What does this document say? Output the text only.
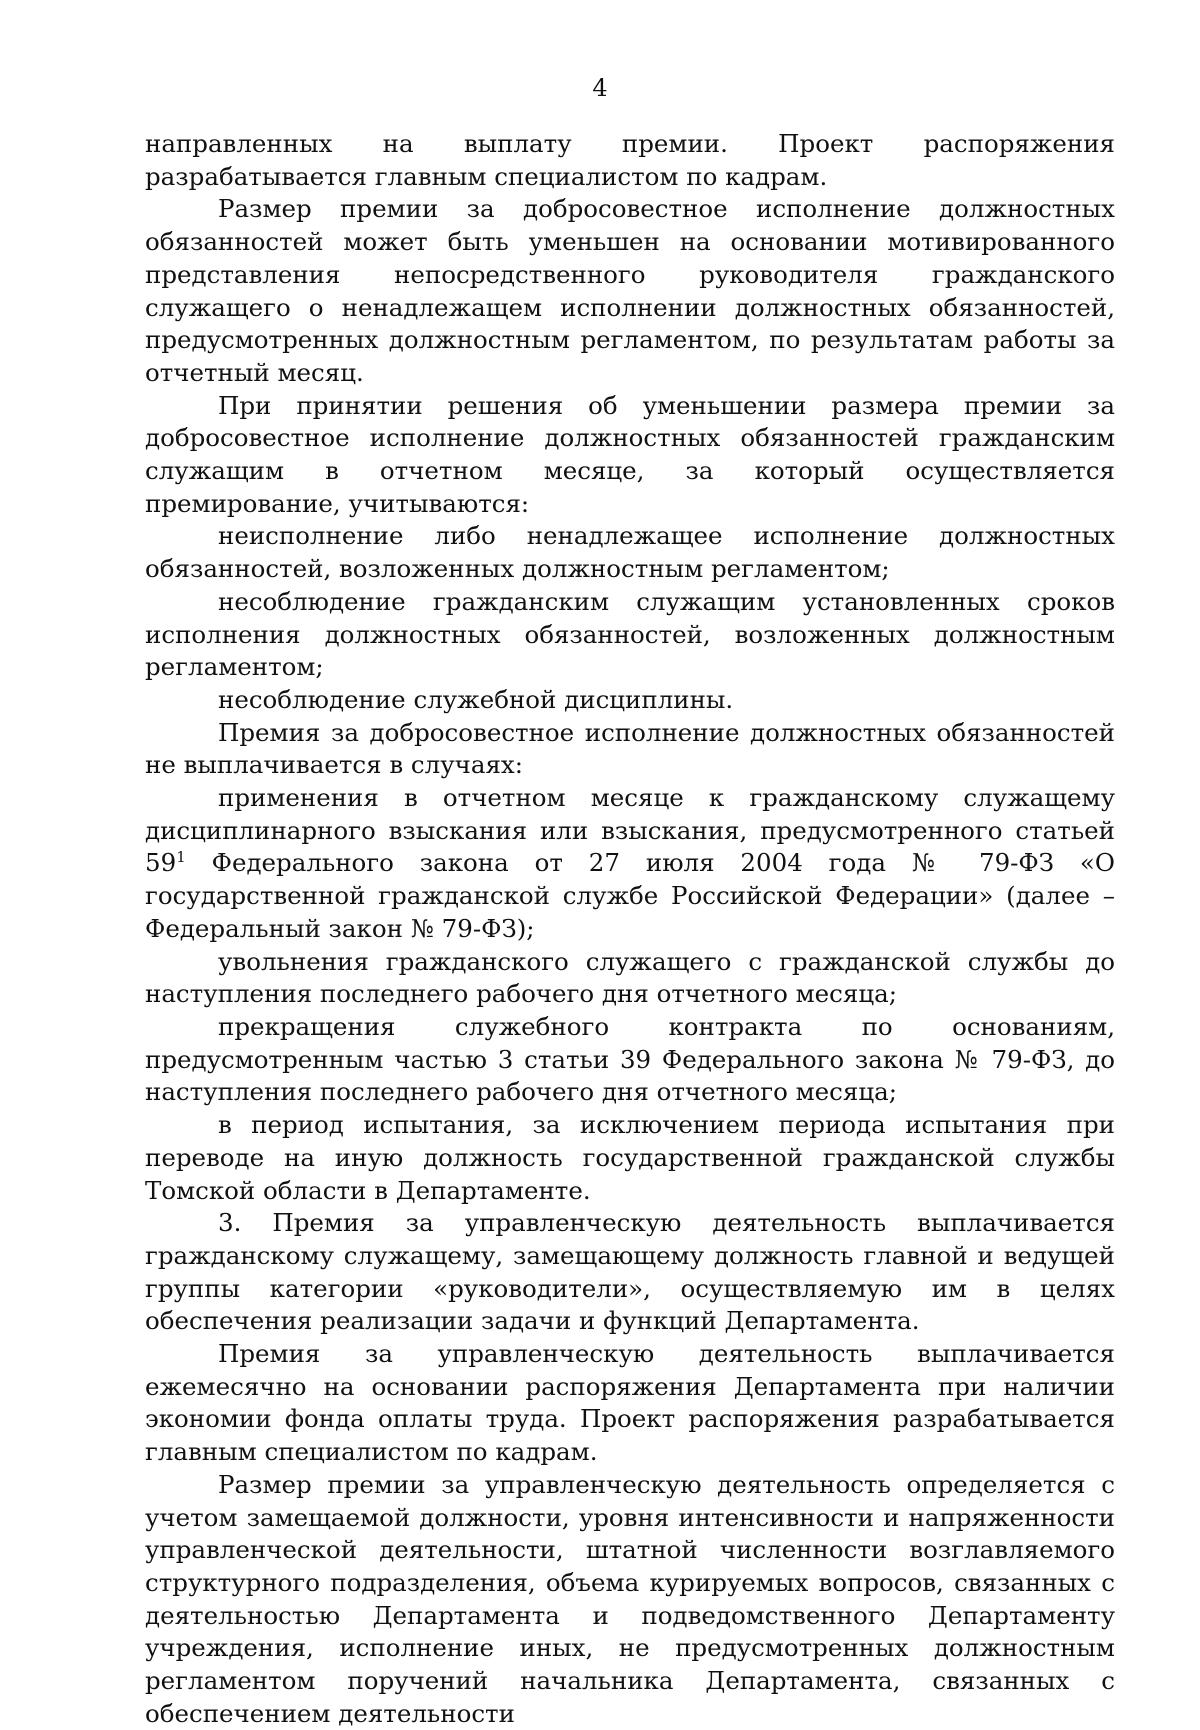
4

направленных на выплату премии. Проект распоряжения разрабатывается главным специалистом по кадрам.

Размер премии за добросовестное исполнение должностных обязанностей может быть уменьшен на основании мотивированного представления непосредственного руководителя гражданского служащего о ненадлежащем исполнении должностных обязанностей, предусмотренных должностным регламентом, по результатам работы за отчетный месяц.

При принятии решения об уменьшении размера премии за добросовестное исполнение должностных обязанностей гражданским служащим в отчетном месяце, за который осуществляется премирование, учитываются:

неисполнение либо ненадлежащее исполнение должностных обязанностей, возложенных должностным регламентом;

несоблюдение гражданским служащим установленных сроков исполнения должностных обязанностей, возложенных должностным регламентом;

несоблюдение служебной дисциплины.

Премия за добросовестное исполнение должностных обязанностей не выплачивается в случаях:

применения в отчетном месяце к гражданскому служащему дисциплинарного взыскания или взыскания, предусмотренного статьей $59^1$ Федерального закона от 27 июля 2004 года № 79-ФЗ «О государственной гражданской службе Российской Федерации» (далее – Федеральный закон № 79-ФЗ);

увольнения гражданского служащего с гражданской службы до наступления последнего рабочего дня отчетного месяца;

прекращения служебного контракта по основаниям, предусмотренным частью 3 статьи 39 Федерального закона № 79-ФЗ, до наступления последнего рабочего дня отчетного месяца;

в период испытания, за исключением периода испытания при переводе на иную должность государственной гражданской службы Томской области в Департаменте.

3. Премия за управленческую деятельность выплачивается гражданскому служащему, замещающему должность главной и ведущей группы категории «руководители», осуществляемую им в целях обеспечения реализации задачи и функций Департамента.

Премия за управленческую деятельность выплачивается ежемесячно на основании распоряжения Департамента при наличии экономии фонда оплаты труда. Проект распоряжения разрабатывается главным специалистом по кадрам.

Размер премии за управленческую деятельность определяется с учетом замещаемой должности, уровня интенсивности и напряженности управленческой деятельности, штатной численности возглавляемого структурного подразделения, объема курируемых вопросов, связанных с деятельностью Департамента и подведомственного Департаменту учреждения, исполнение иных, не предусмотренных должностным регламентом поручений начальника Департамента, связанных с обеспечением деятельности
